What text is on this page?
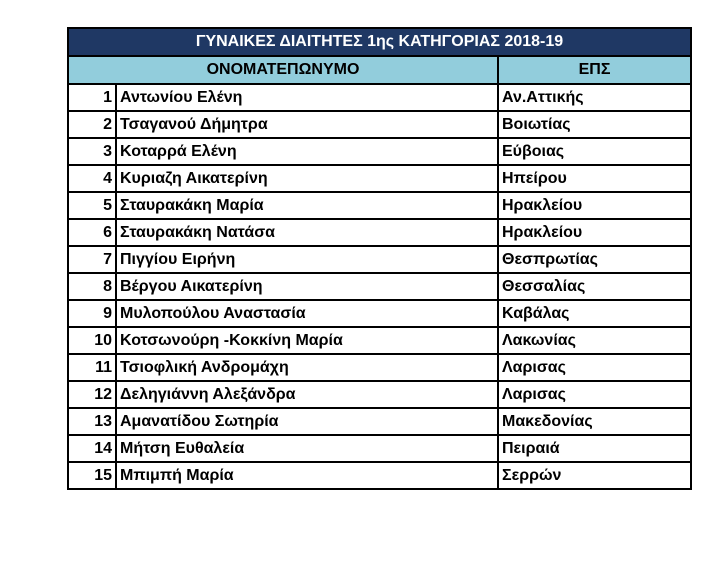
ΓΥΝΑΙΚΕΣ ΔΙΑΙΤΗΤΕΣ 1ης ΚΑΤΗΓΟΡΙΑΣ 2018-19		
ΟΝΟΜΑΤΕΠΩΝΥΜΟ		ΕΠΣ
1	Αντωνίου Ελένη	Αν.Αττικής
2	Τσαγανού Δήμητρα	Βοιωτίας
3	Κοταρρά Ελένη	Εύβοιας
4	Κυριαζη Αικατερίνη	Ηπείρου
5	Σταυρακάκη Μαρία	Ηρακλείου
6	Σταυρακάκη Νατάσα	Ηρακλείου
7	Πιγγίου Ειρήνη	Θεσπρωτίας
8	Βέργου Αικατερίνη	Θεσσαλίας
9	Μυλοπούλου Αναστασία	Καβάλας
10	Κοτσωνούρη -Κοκκίνη Μαρία	Λακωνίας
11	Τσιοφλική Ανδρομάχη	Λαρισας
12	Δεληγιάννη Αλεξάνδρα	Λαρισας
13	Αμανατίδου Σωτηρία	Μακεδονίας
14	Μήτση Ευθαλεία	Πειραιά
15	Μπιμπή Μαρία	Σερρών
